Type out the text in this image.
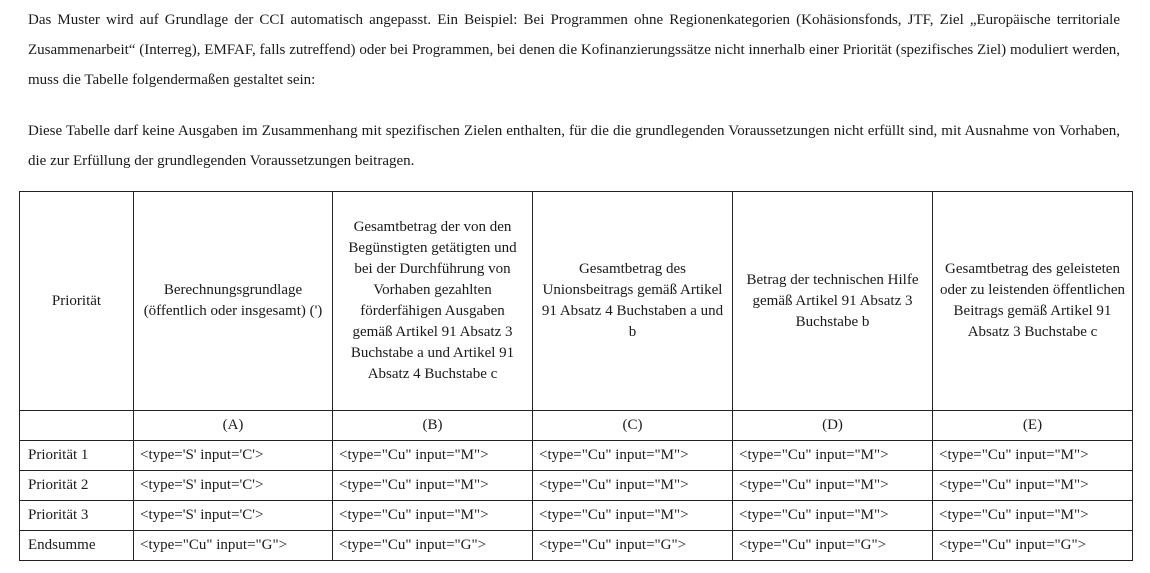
Das Muster wird auf Grundlage der CCI automatisch angepasst. Ein Beispiel: Bei Programmen ohne Regionenkategorien (Kohäsionsfonds, JTF, Ziel „Europäische territoriale Zusammenarbeit“ (Interreg), EMFAF, falls zutreffend) oder bei Programmen, bei denen die Kofinanzierungssätze nicht innerhalb einer Priorität (spezifisches Ziel) moduliert werden, muss die Tabelle folgendermaßen gestaltet sein:

Diese Tabelle darf keine Ausgaben im Zusammenhang mit spezifischen Zielen enthalten, für die die grundlegenden Voraussetzungen nicht erfüllt sind, mit Ausnahme von Vorhaben, die zur Erfüllung der grundlegenden Voraussetzungen beitragen.

Priorität	Berechnungsgrundlage (öffentlich oder insgesamt) (')	Gesamtbetrag der von den Begünstigten getätigten und bei der Durchführung von Vorhaben gezahlten förderfähigen Ausgaben gemäß Artikel 91 Absatz 3 Buchstabe a und Artikel 91 Absatz 4 Buchstabe c	Gesamtbetrag des Unionsbeitrags gemäß Artikel 91 Absatz 4 Buchstaben a und b	Betrag der technischen Hilfe gemäß Artikel 91 Absatz 3 Buchstabe b	Gesamtbetrag des geleisteten oder zu leistenden öffentlichen Beitrags gemäß Artikel 91 Absatz 3 Buchstabe c
	(A)	(B)	(C)	(D)	(E)
Priorität 1	<type='S' input='C'>	<type="Cu" input="M">	<type="Cu" input="M">	<type="Cu" input="M">	<type="Cu" input="M">
Priorität 2	<type='S' input='C'>	<type="Cu" input="M">	<type="Cu" input="M">	<type="Cu" input="M">	<type="Cu" input="M">
Priorität 3	<type='S' input='C'>	<type="Cu" input="M">	<type="Cu" input="M">	<type="Cu" input="M">	<type="Cu" input="M">
Endsumme	<type="Cu" input="G">	<type="Cu" input="G">	<type="Cu" input="G">	<type="Cu" input="G">	<type="Cu" input="G">
